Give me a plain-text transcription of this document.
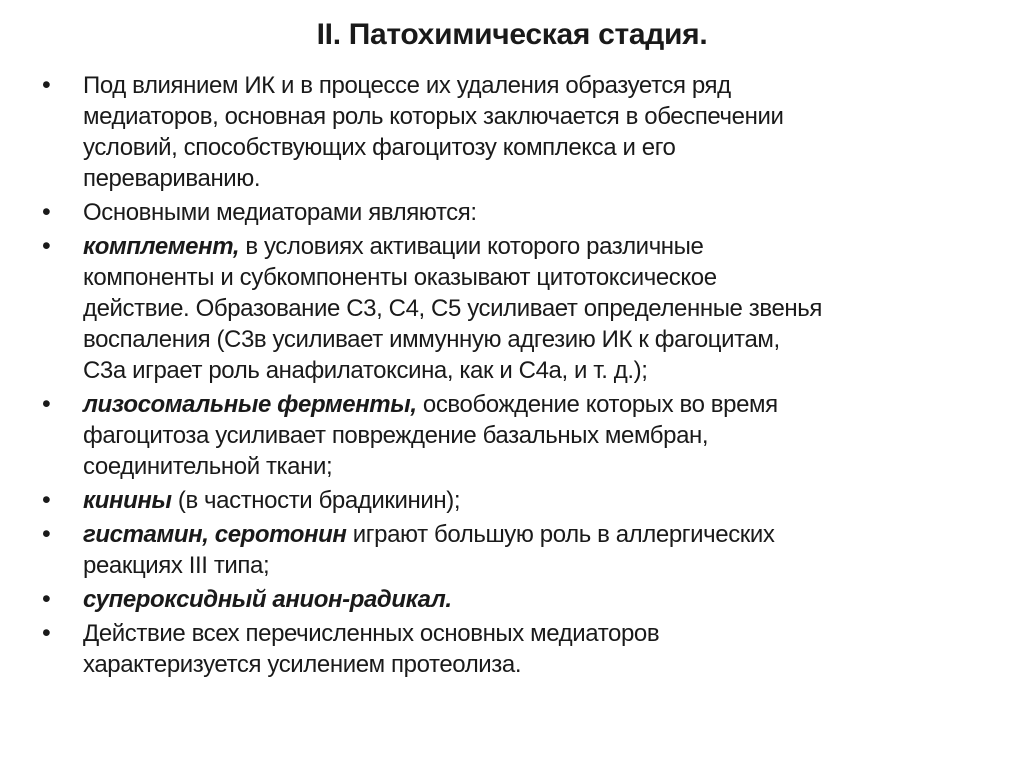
II. Патохимическая стадия.
• Под влиянием ИК и в процессе их удаления образуется ряд
медиаторов, основная роль которых заключается в обеспечении
условий, способствующих фагоцитозу комплекса и его
перевариванию.
• Основными медиаторами являются:
• комплемент, в условиях активации которого различные
компоненты и субкомпоненты оказывают цитотоксическое
действие. Образование С3, С4, С5 усиливает определенные звенья
воспаления (С3в усиливает иммунную адгезию ИК к фагоцитам,
С3а играет роль анафилатоксина, как и С4а, и т. д.);
• лизосомальные ферменты, освобождение которых во время
фагоцитоза усиливает повреждение базальных мембран,
соединительной ткани;
• кинины (в частности брадикинин);
• гистамин, серотонин играют большую роль в аллергических
реакциях III типа;
• супероксидный анион-радикал.
• Действие всех перечисленных основных медиаторов
характеризуется усилением протеолиза.
